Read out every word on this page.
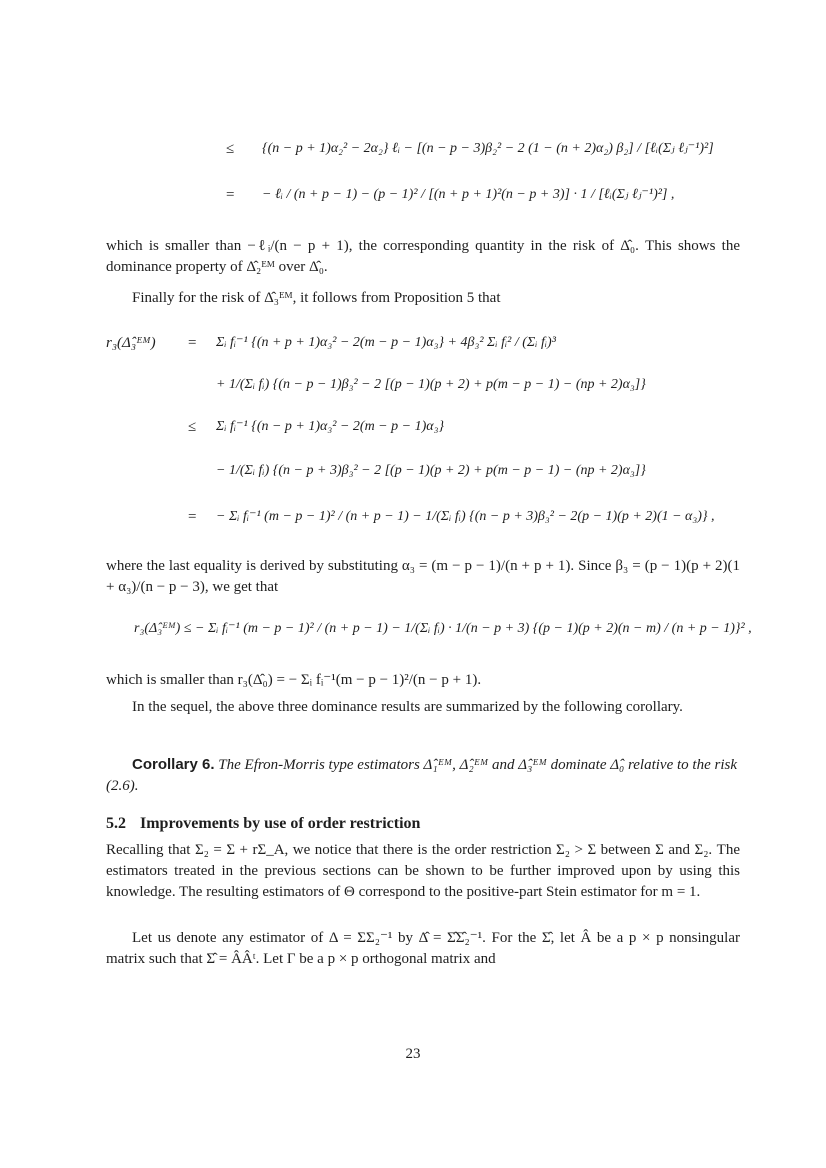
≤ {(n − p + 1)α₂² − 2α₂} ℓᵢ − [(n − p − 3)β₂² − 2 (1 − (n + 2)α₂) β₂] / [ℓᵢ(Σⱼ ℓⱼ⁻¹)²]
= − ℓᵢ / (n + p − 1) − (p − 1)² / [(n + p + 1)²(n − p + 3)] · 1 / [ℓᵢ(Σⱼ ℓⱼ⁻¹)²] ,
which is smaller than −ℓᵢ/(n − p + 1), the corresponding quantity in the risk of Δ̂₀. This shows the dominance property of Δ̂₂ᴱᴹ over Δ̂₀.
Finally for the risk of Δ̂₃ᴱᴹ, it follows from Proposition 5 that
r₃(Δ̂₃ᴱᴹ) = Σᵢ fᵢ⁻¹ {(n + p + 1)α₃² − 2(m − p − 1)α₃} + 4β₃² Σᵢ fᵢ² / (Σᵢ fᵢ)³
+ 1/(Σᵢ fᵢ) {(n − p − 1)β₃² − 2 [(p − 1)(p + 2) + p(m − p − 1) − (np + 2)α₃]}
≤ Σᵢ fᵢ⁻¹ {(n − p + 1)α₃² − 2(m − p − 1)α₃}
− 1/(Σᵢ fᵢ) {(n − p + 3)β₃² − 2 [(p − 1)(p + 2) + p(m − p − 1) − (np + 2)α₃]}
= − Σᵢ fᵢ⁻¹ (m − p − 1)² / (n + p − 1) − 1/(Σᵢ fᵢ) {(n − p + 3)β₃² − 2(p − 1)(p + 2)(1 − α₃)} ,
where the last equality is derived by substituting α₃ = (m − p − 1)/(n + p + 1). Since β₃ = (p − 1)(p + 2)(1 + α₃)/(n − p − 3), we get that
r₃(Δ̂₃ᴱᴹ) ≤ − Σᵢ fᵢ⁻¹ (m − p − 1)² / (n + p − 1) − 1/(Σᵢ fᵢ) · 1/(n − p + 3) {(p − 1)(p + 2)(n − m) / (n + p − 1)}² ,
which is smaller than r₃(Δ̂₀) = − Σᵢ fᵢ⁻¹(m − p − 1)²/(n − p + 1).
In the sequel, the above three dominance results are summarized by the following corollary.
Corollary 6. The Efron-Morris type estimators Δ̂₁ᴱᴹ, Δ̂₂ᴱᴹ and Δ̂₃ᴱᴹ dominate Δ̂₀ relative to the risk (2.6).
5.2 Improvements by use of order restriction
Recalling that Σ₂ = Σ + rΣ_A, we notice that there is the order restriction Σ₂ > Σ between Σ and Σ₂. The estimators treated in the previous sections can be shown to be further improved upon by using this knowledge. The resulting estimators of Θ correspond to the positive-part Stein estimator for m = 1.
Let us denote any estimator of Δ = ΣΣ₂⁻¹ by Δ̂ = Σ̂Σ̂₂⁻¹. For the Σ̂, let Â be a p × p nonsingular matrix such that Σ̂ = ÂÂᵗ. Let Γ be a p × p orthogonal matrix and
23
